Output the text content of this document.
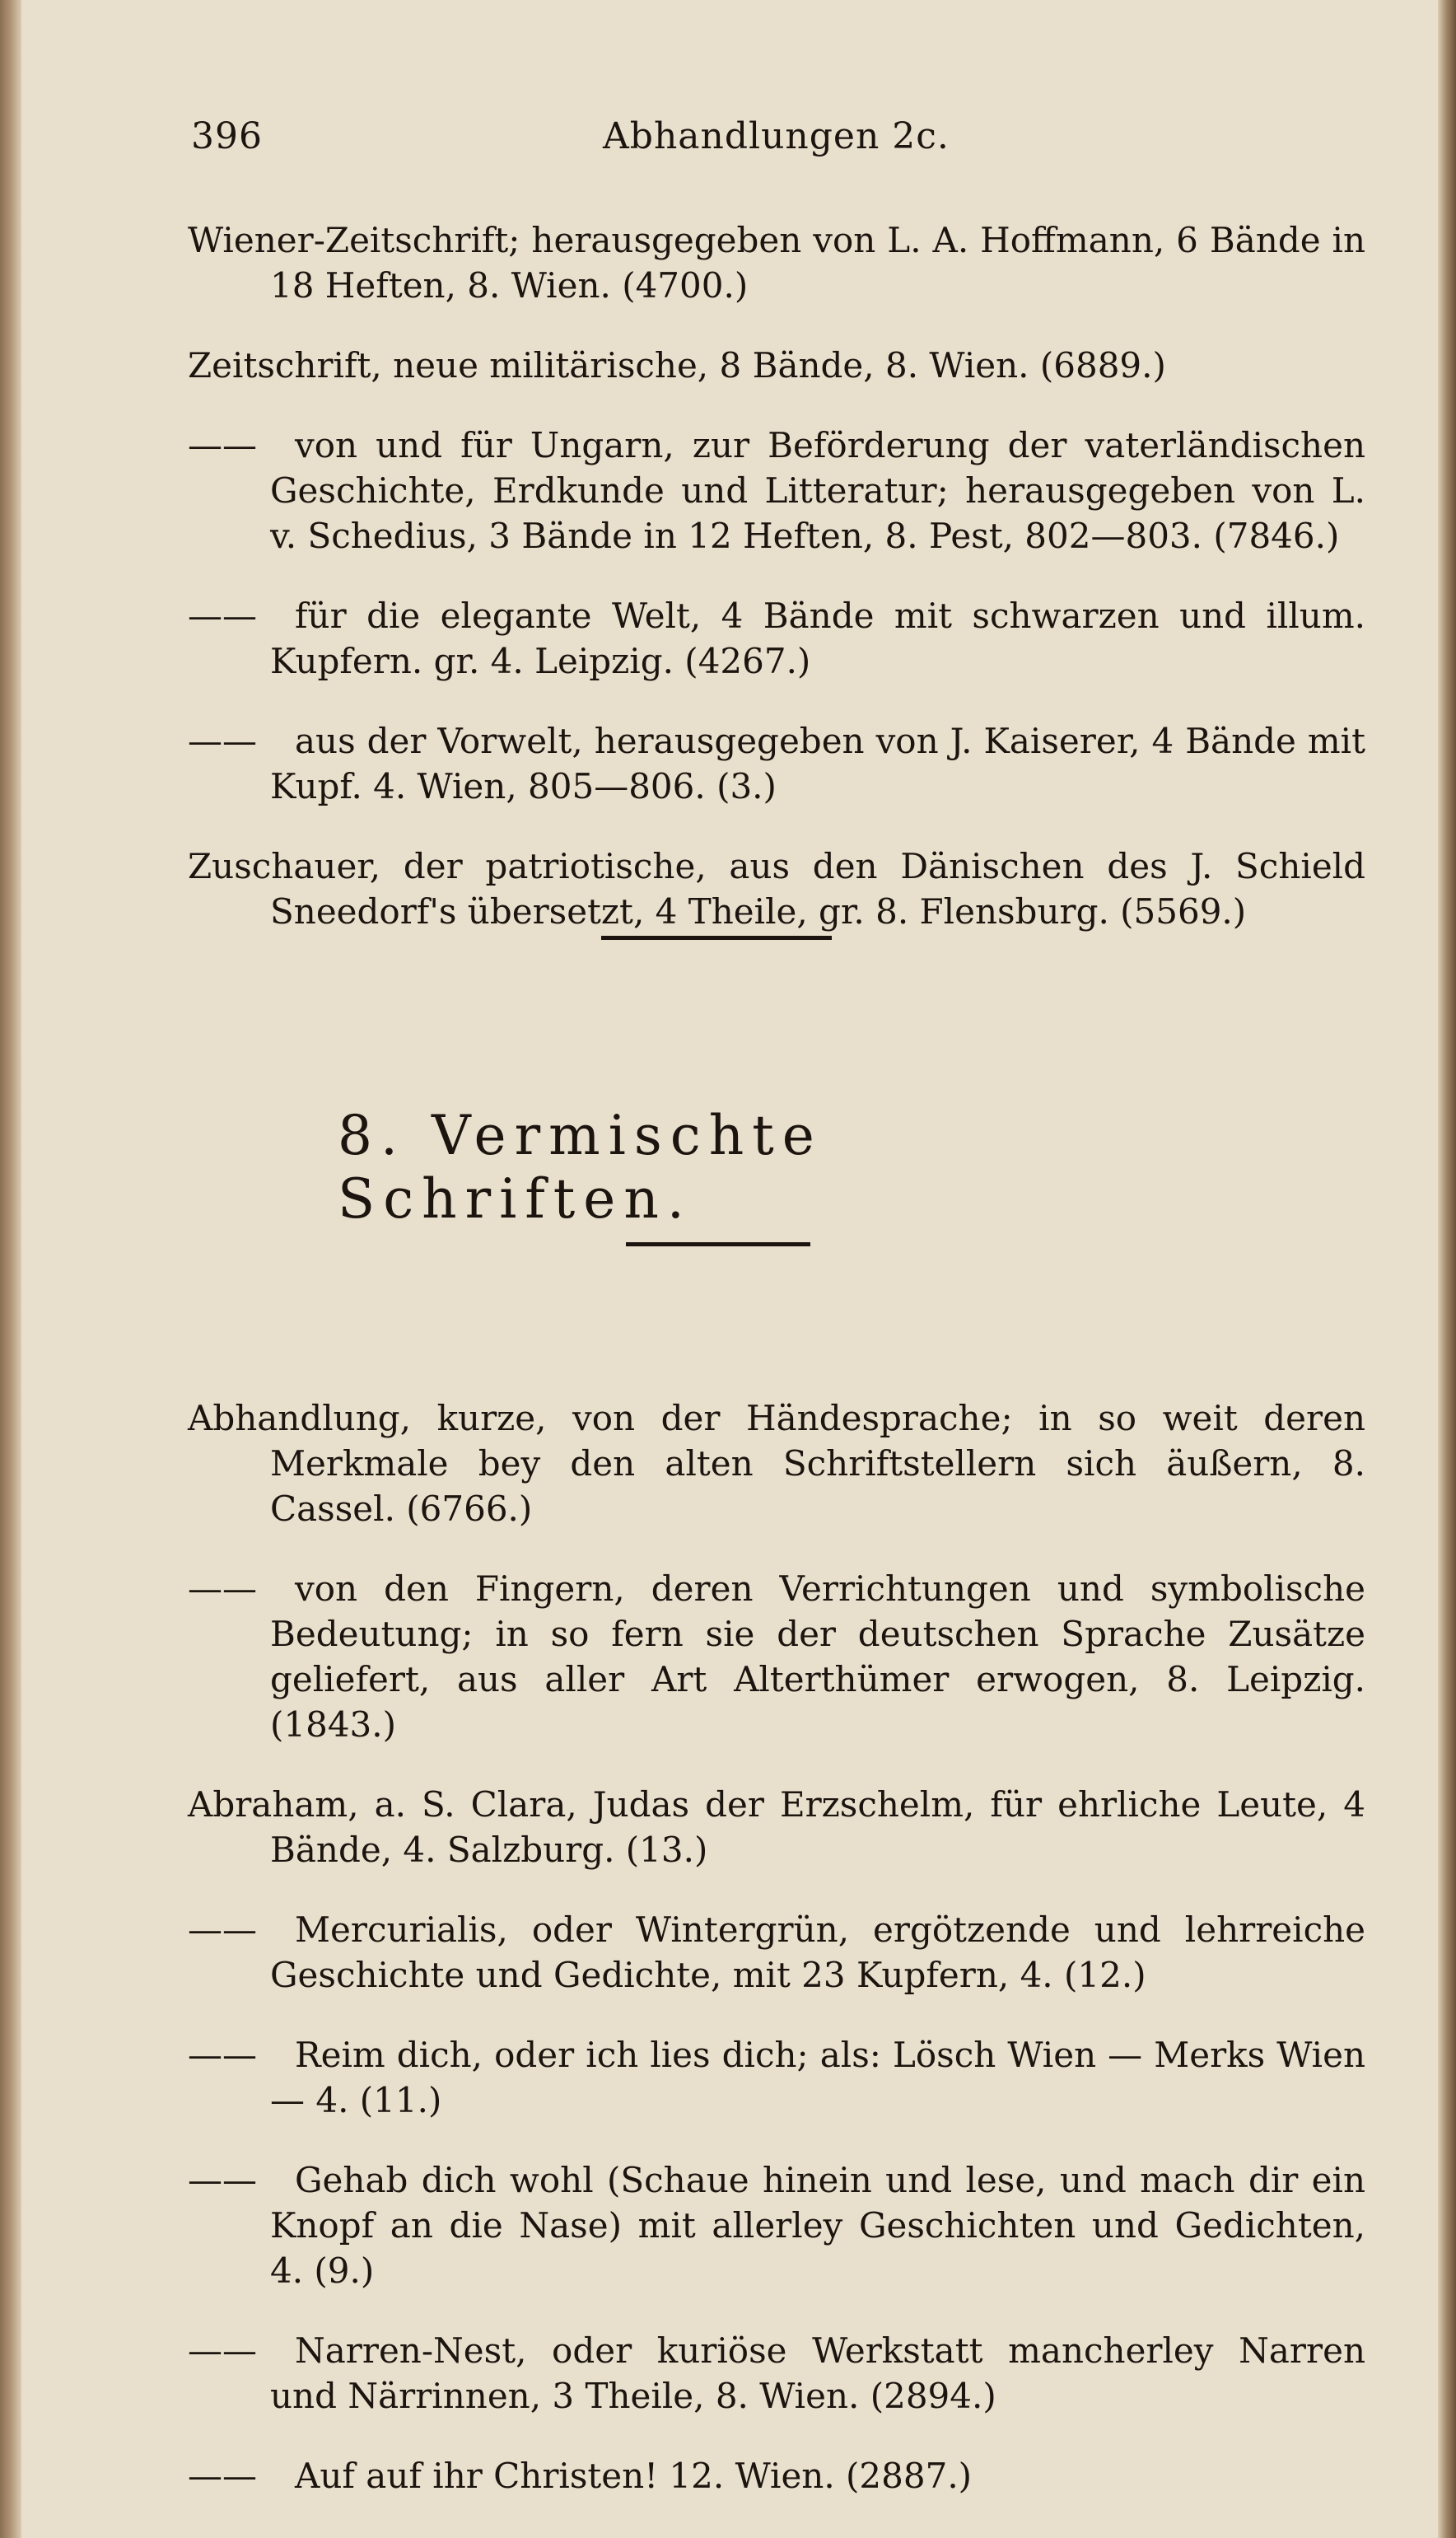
396	Abhandlungen 2c.

Wiener-Zeitschrift; herausgegeben von L. A. Hoffmann, 6 Bände in 18 Heften, 8. Wien. (4700.)

Zeitschrift, neue militärische, 8 Bände, 8. Wien. (6889.)

—— von und für Ungarn, zur Beförderung der vaterländischen Geschichte, Erdkunde und Litteratur; herausgegeben von L. v. Schedius, 3 Bände in 12 Heften, 8. Pest, 802—803. (7846.)

—— für die elegante Welt, 4 Bände mit schwarzen und illum. Kupfern. gr. 4. Leipzig. (4267.)

—— aus der Vorwelt, herausgegeben von J. Kaiserer, 4 Bände mit Kupf. 4. Wien, 805—806. (3.)

Zuschauer, der patriotische, aus den Dänischen des J. Schield Sneedorf's übersetzt, 4 Theile, gr. 8. Flensburg. (5569.)

8. Vermischte Schriften.

Abhandlung, kurze, von der Händesprache; in so weit deren Merkmale bey den alten Schriftstellern sich äußern, 8. Cassel. (6766.)

—— von den Fingern, deren Verrichtungen und symbolische Bedeutung; in so fern sie der deutschen Sprache Zusätze geliefert, aus aller Art Alterthümer erwogen, 8. Leipzig. (1843.)

Abraham, a. S. Clara, Judas der Erzschelm, für ehrliche Leute, 4 Bände, 4. Salzburg. (13.)

—— Mercurialis, oder Wintergrün, ergötzende und lehrreiche Geschichte und Gedichte, mit 23 Kupfern, 4. (12.)

—— Reim dich, oder ich lies dich; als: Lösch Wien — Merks Wien — 4. (11.)

—— Gehab dich wohl (Schaue hinein und lese, und mach dir ein Knopf an die Nase) mit allerley Geschichten und Gedichten, 4. (9.)

—— Narren-Nest, oder kuriöse Werkstatt mancherley Narren und Närrinnen, 3 Theile, 8. Wien. (2894.)

—— Auf auf ihr Christen! 12. Wien. (2887.)
